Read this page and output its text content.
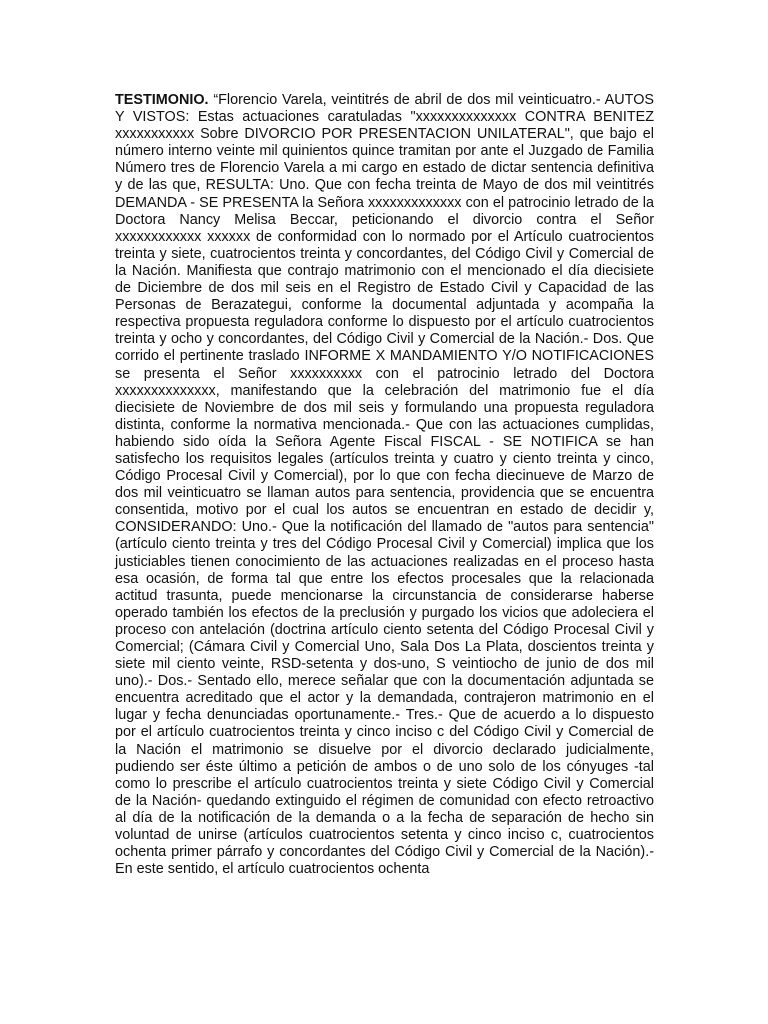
TESTIMONIO. “Florencio Varela, veintitrés de abril de dos mil veinticuatro.- AUTOS Y VISTOS: Estas actuaciones caratuladas "xxxxxxxxxxxxxx CONTRA BENITEZ xxxxxxxxxxx Sobre DIVORCIO POR PRESENTACION UNILATERAL", que bajo el número interno veinte mil quinientos quince tramitan por ante el Juzgado de Familia Número tres de Florencio Varela a mi cargo en estado de dictar sentencia definitiva y de las que, RESULTA: Uno. Que con fecha treinta de Mayo de dos mil veintitrés DEMANDA - SE PRESENTA la Señora xxxxxxxxxxxxx con el patrocinio letrado de la Doctora Nancy Melisa Beccar, peticionando el divorcio contra el Señor xxxxxxxxxxxx xxxxxx de conformidad con lo normado por el Artículo cuatrocientos treinta y siete, cuatrocientos treinta y concordantes, del Código Civil y Comercial de la Nación. Manifiesta que contrajo matrimonio con el mencionado el día diecisiete de Diciembre de dos mil seis en el Registro de Estado Civil y Capacidad de las Personas de Berazategui, conforme la documental adjuntada y acompaña la respectiva propuesta reguladora conforme lo dispuesto por el artículo cuatrocientos treinta y ocho y concordantes, del Código Civil y Comercial de la Nación.- Dos. Que corrido el pertinente traslado INFORME X MANDAMIENTO Y/O NOTIFICACIONES se presenta el Señor xxxxxxxxxx con el patrocinio letrado del Doctora xxxxxxxxxxxxxx, manifestando que la celebración del matrimonio fue el día diecisiete de Noviembre de dos mil seis y formulando una propuesta reguladora distinta, conforme la normativa mencionada.- Que con las actuaciones cumplidas, habiendo sido oída la Señora Agente Fiscal FISCAL - SE NOTIFICA se han satisfecho los requisitos legales (artículos treinta y cuatro y ciento treinta y cinco, Código Procesal Civil y Comercial), por lo que con fecha diecinueve de Marzo de dos mil veinticuatro se llaman autos para sentencia, providencia que se encuentra consentida, motivo por el cual los autos se encuentran en estado de decidir y, CONSIDERANDO: Uno.- Que la notificación del llamado de "autos para sentencia" (artículo ciento treinta y tres del Código Procesal Civil y Comercial) implica que los justiciables tienen conocimiento de las actuaciones realizadas en el proceso hasta esa ocasión, de forma tal que entre los efectos procesales que la relacionada actitud trasunta, puede mencionarse la circunstancia de considerarse haberse operado también los efectos de la preclusión y purgado los vicios que adoleciera el proceso con antelación (doctrina artículo ciento setenta del Código Procesal Civil y Comercial; (Cámara Civil y Comercial Uno, Sala Dos La Plata, doscientos treinta y siete mil ciento veinte, RSD-setenta y dos-uno, S veintiocho de junio de dos mil uno).- Dos.- Sentado ello, merece señalar que con la documentación adjuntada se encuentra acreditado que el actor y la demandada, contrajeron matrimonio en el lugar y fecha denunciadas oportunamente.- Tres.- Que de acuerdo a lo dispuesto por el artículo cuatrocientos treinta y cinco inciso c del Código Civil y Comercial de la Nación el matrimonio se disuelve por el divorcio declarado judicialmente, pudiendo ser éste último a petición de ambos o de uno solo de los cónyuges -tal como lo prescribe el artículo cuatrocientos treinta y siete Código Civil y Comercial de la Nación- quedando extinguido el régimen de comunidad con efecto retroactivo al día de la notificación de la demanda o a la fecha de separación de hecho sin voluntad de unirse (artículos cuatrocientos setenta y cinco inciso c, cuatrocientos ochenta primer párrafo y concordantes del Código Civil y Comercial de la Nación).- En este sentido, el artículo cuatrocientos ochenta
